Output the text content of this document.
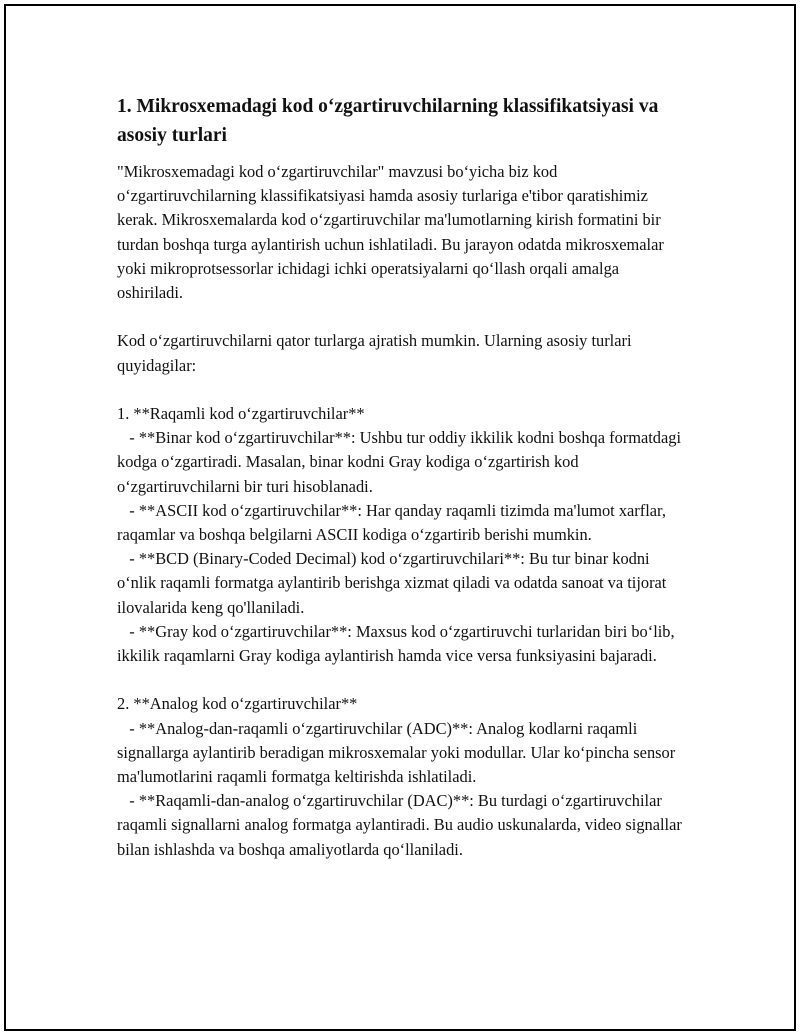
1. Mikrosxemadagi kod o‘zgartiruvchilarning klassifikatsiyasi va asosiy turlari

"Mikrosxemadagi kod o‘zgartiruvchilar" mavzusi bo‘yicha biz kod o‘zgartiruvchilarning klassifikatsiyasi hamda asosiy turlariga e'tibor qaratishimiz kerak. Mikrosxemalarda kod o‘zgartiruvchilar ma'lumotlarning kirish formatini bir turdan boshqa turga aylantirish uchun ishlatiladi. Bu jarayon odatda mikrosxemalar yoki mikroprotsessorlar ichidagi ichki operatsiyalarni qo‘llash orqali amalga oshiriladi.

Kod o‘zgartiruvchilarni qator turlarga ajratish mumkin. Ularning asosiy turlari quyidagilar:

1. **Raqamli kod o‘zgartiruvchilar**
- **Binar kod o‘zgartiruvchilar**: Ushbu tur oddiy ikkilik kodni boshqa formatdagi kodga o‘zgartiradi. Masalan, binar kodni Gray kodiga o‘zgartirish kod o‘zgartiruvchilarni bir turi hisoblanadi.
- **ASCII kod o‘zgartiruvchilar**: Har qanday raqamli tizimda ma'lumot xarflar, raqamlar va boshqa belgilarni ASCII kodiga o‘zgartirib berishi mumkin.
- **BCD (Binary-Coded Decimal) kod o‘zgartiruvchilari**: Bu tur binar kodni o‘nlik raqamli formatga aylantirib berishga xizmat qiladi va odatda sanoat va tijorat ilovalarida keng qo'llaniladi.
- **Gray kod o‘zgartiruvchilar**: Maxsus kod o‘zgartiruvchi turlaridan biri bo‘lib, ikkilik raqamlarni Gray kodiga aylantirish hamda vice versa funksiyasini bajaradi.

2. **Analog kod o‘zgartiruvchilar**
- **Analog-dan-raqamli o‘zgartiruvchilar (ADC)**: Analog kodlarni raqamli signallarga aylantirib beradigan mikrosxemalar yoki modullar. Ular ko‘pincha sensor ma'lumotlarini raqamli formatga keltirishda ishlatiladi.
- **Raqamli-dan-analog o‘zgartiruvchilar (DAC)**: Bu turdagi o‘zgartiruvchilar raqamli signallarni analog formatga aylantiradi. Bu audio uskunalarda, video signallar bilan ishlashda va boshqa amaliyotlarda qo‘llaniladi.
